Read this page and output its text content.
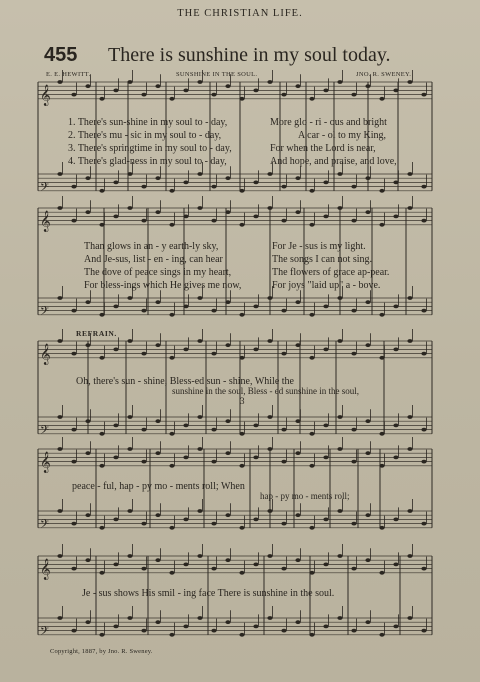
THE CHRISTIAN LIFE.
455 There is sunshine in my soul today.
E. E. HEWITT.	SUNSHINE IN THE SOUL.	JNO. R. SWENEY.
𝄞
𝄢
𝄞
𝄢
𝄞
𝄢
𝄞
𝄢
𝄞
𝄢
1. There's sun-shine in my soul to - day,	More glo - ri - ous and bright
2. There's mu - sic in my soul to - day,	A car - ol to my King,
3. There's springtime in my soul to - day,	For when the Lord is near,
4. There's glad-ness in my soul to - day,	And hope, and praise, and love,
Than glows in an - y earth-ly sky,	For Je - sus is my light.
And Je-sus, list - en - ing, can hear	The songs I can not sing.
The dove of peace sings in my heart,	The flowers of grace ap-pear.
For bless-ings which He gives me now,	For joys "laid up" a - bove.
REFRAIN.
Oh, there's sun - shine, Bless-ed sun - shine, While the
sunshine in the soul, Bless - ed sunshine in the soul,
3
peace - ful, hap - py mo - ments roll; When
hap - py mo - ments roll;
Je - sus shows His smil - ing face There is sunshine in the soul.
Copyright, 1887, by Jno. R. Sweney.
